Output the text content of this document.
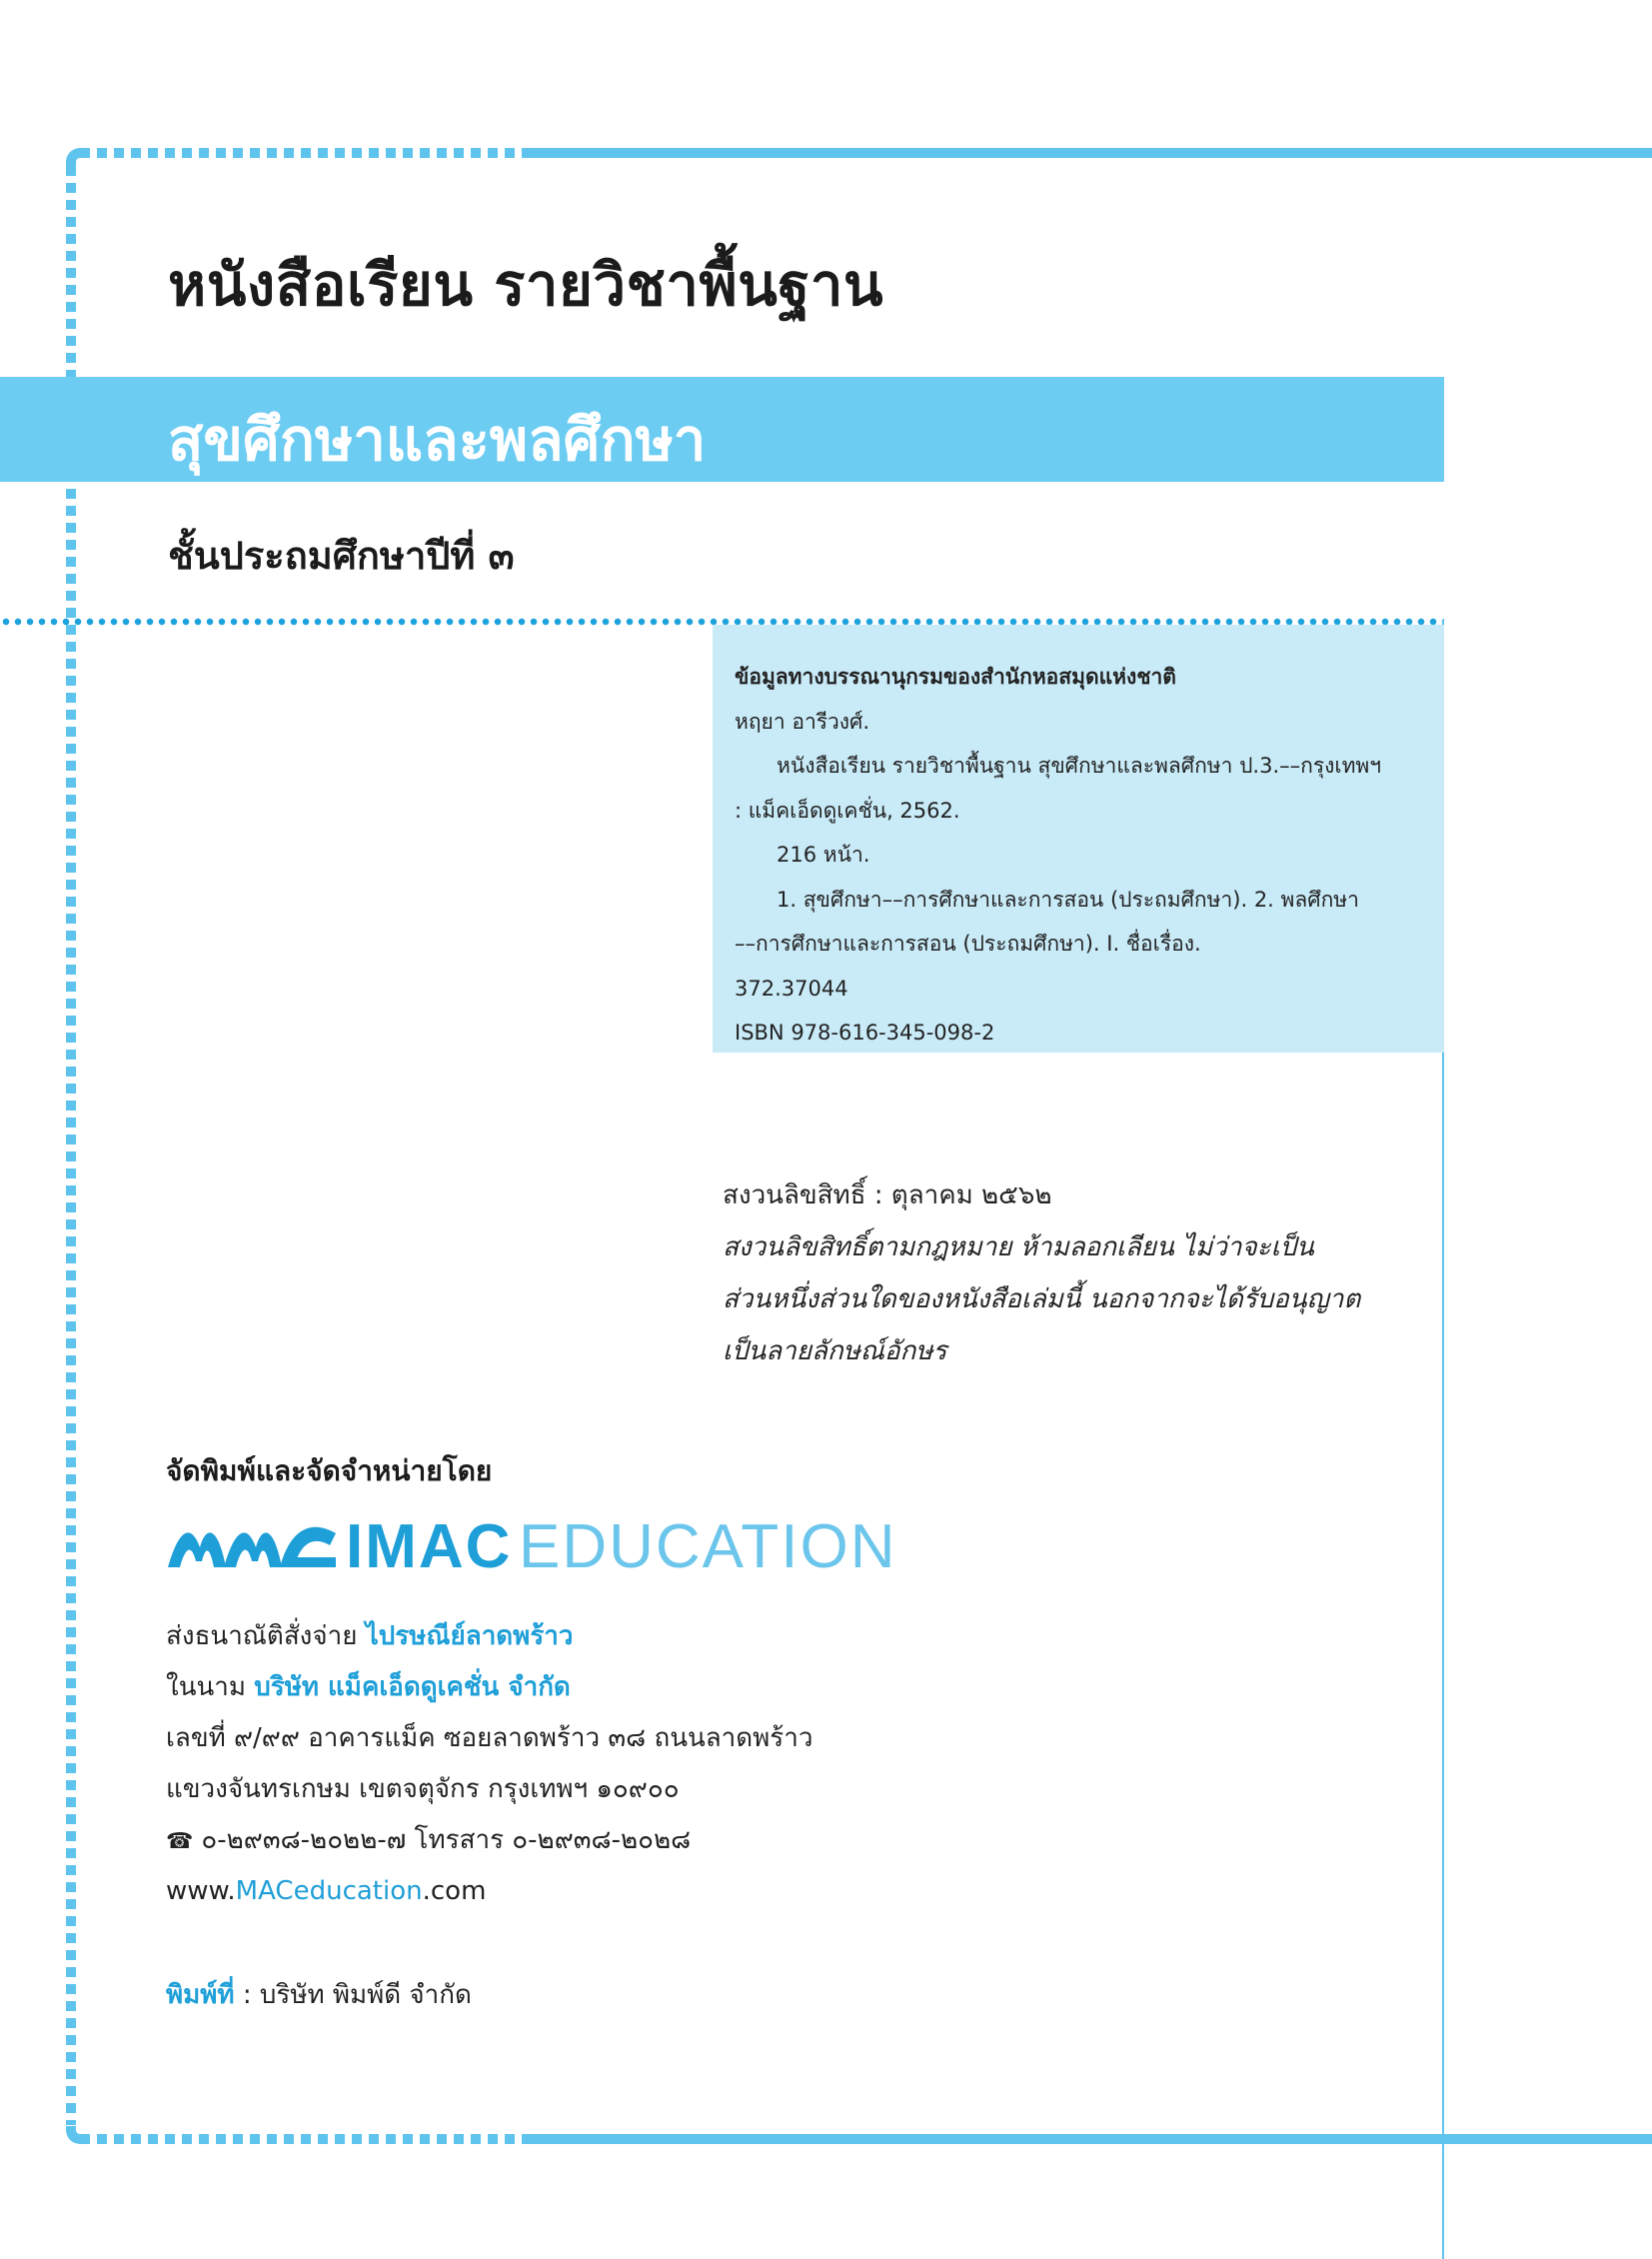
หนังสือเรียน รายวิชาพื้นฐาน
สุขศึกษาและพลศึกษา
ชั้นประถมศึกษาปีที่ ๓
ข้อมูลทางบรรณานุกรมของสำนักหอสมุดแห่งชาติ
หฤยา อารีวงศ์.
หนังสือเรียน รายวิชาพื้นฐาน สุขศึกษาและพลศึกษา ป.3.––กรุงเทพฯ
: แม็คเอ็ดดูเคชั่น, 2562.
216 หน้า.
1. สุขศึกษา––การศึกษาและการสอน (ประถมศึกษา). 2. พลศึกษา
––การศึกษาและการสอน (ประถมศึกษา). I. ชื่อเรื่อง.
372.37044
ISBN 978-616-345-098-2
สงวนลิขสิทธิ์ : ตุลาคม ๒๕๖๒
สงวนลิขสิทธิ์ตามกฎหมาย ห้ามลอกเลียน ไม่ว่าจะเป็น
ส่วนหนึ่งส่วนใดของหนังสือเล่มนี้ นอกจากจะได้รับอนุญาต
เป็นลายลักษณ์อักษร
จัดพิมพ์และจัดจำหน่ายโดย
IMAC EDUCATION
ส่งธนาณัติสั่งจ่าย ไปรษณีย์ลาดพร้าว
ในนาม บริษัท แม็คเอ็ดดูเคชั่น จำกัด
เลขที่ ๙/๙๙ อาคารแม็ค ซอยลาดพร้าว ๓๘ ถนนลาดพร้าว
แขวงจันทรเกษม เขตจตุจักร กรุงเทพฯ ๑๐๙๐๐
☎ ๐-๒๙๓๘-๒๐๒๒-๗ โทรสาร ๐-๒๙๓๘-๒๐๒๘
www.MACeducation.com
พิมพ์ที่ : บริษัท พิมพ์ดี จำกัด
